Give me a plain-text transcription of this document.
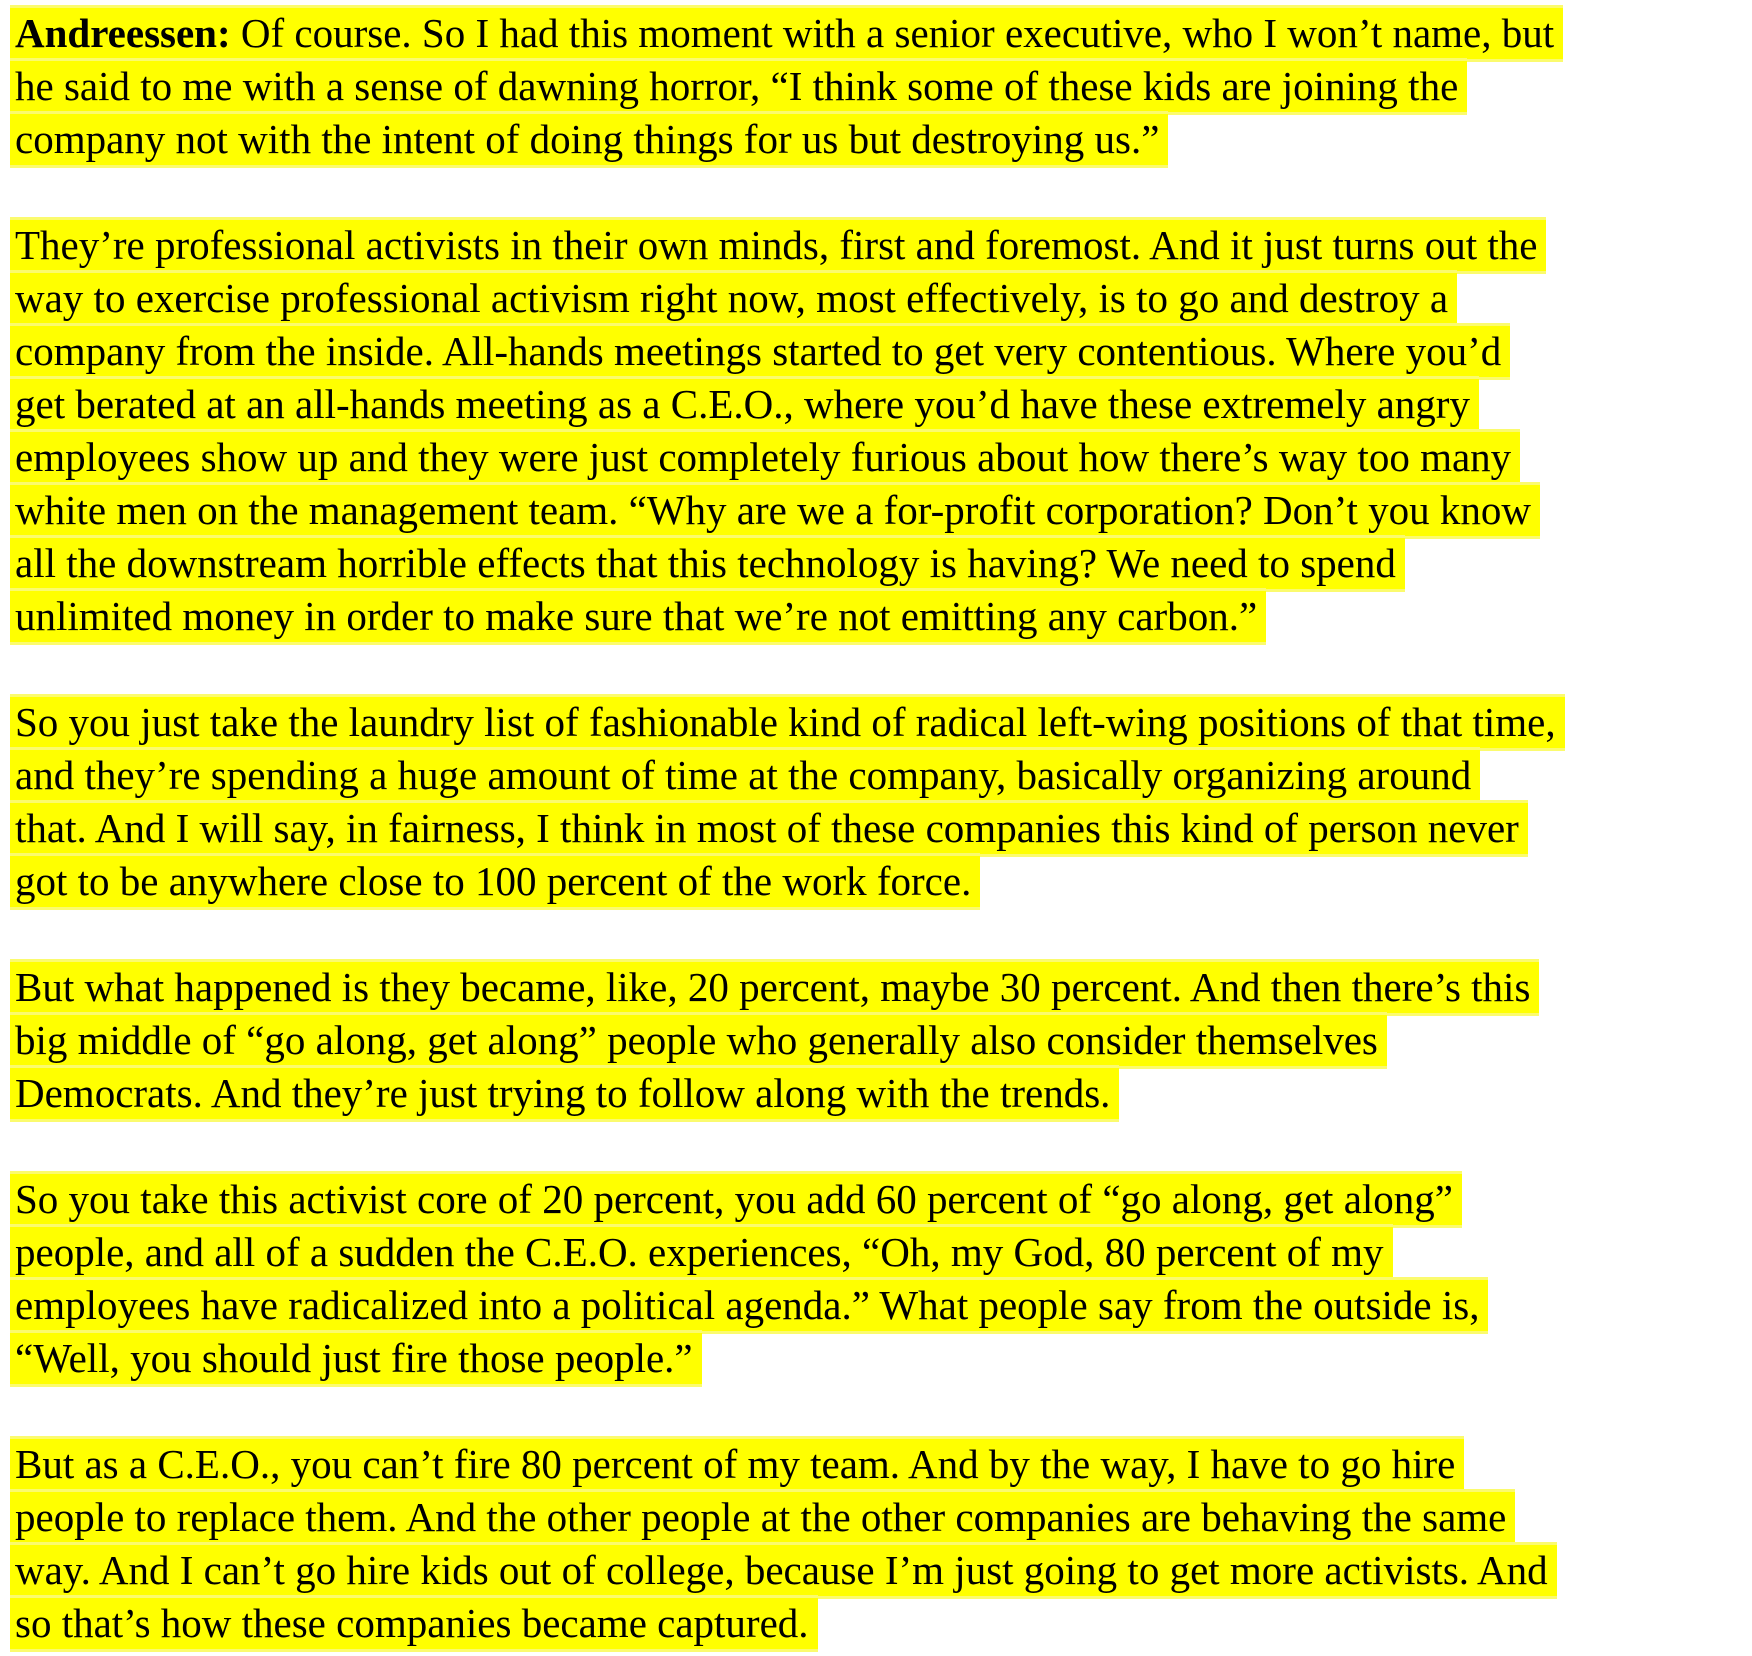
Andreessen: Of course. So I had this moment with a senior executive, who I won’t name, but
he said to me with a sense of dawning horror, “I think some of these kids are joining the
company not with the intent of doing things for us but destroying us.”
They’re professional activists in their own minds, first and foremost. And it just turns out the
way to exercise professional activism right now, most effectively, is to go and destroy a
company from the inside. All-hands meetings started to get very contentious. Where you’d
get berated at an all-hands meeting as a C.E.O., where you’d have these extremely angry
employees show up and they were just completely furious about how there’s way too many
white men on the management team. “Why are we a for-profit corporation? Don’t you know
all the downstream horrible effects that this technology is having? We need to spend
unlimited money in order to make sure that we’re not emitting any carbon.”
So you just take the laundry list of fashionable kind of radical left-wing positions of that time,
and they’re spending a huge amount of time at the company, basically organizing around
that. And I will say, in fairness, I think in most of these companies this kind of person never
got to be anywhere close to 100 percent of the work force.
But what happened is they became, like, 20 percent, maybe 30 percent. And then there’s this
big middle of “go along, get along” people who generally also consider themselves
Democrats. And they’re just trying to follow along with the trends.
So you take this activist core of 20 percent, you add 60 percent of “go along, get along”
people, and all of a sudden the C.E.O. experiences, “Oh, my God, 80 percent of my
employees have radicalized into a political agenda.” What people say from the outside is,
“Well, you should just fire those people.”
But as a C.E.O., you can’t fire 80 percent of my team. And by the way, I have to go hire
people to replace them. And the other people at the other companies are behaving the same
way. And I can’t go hire kids out of college, because I’m just going to get more activists. And
so that’s how these companies became captured.
